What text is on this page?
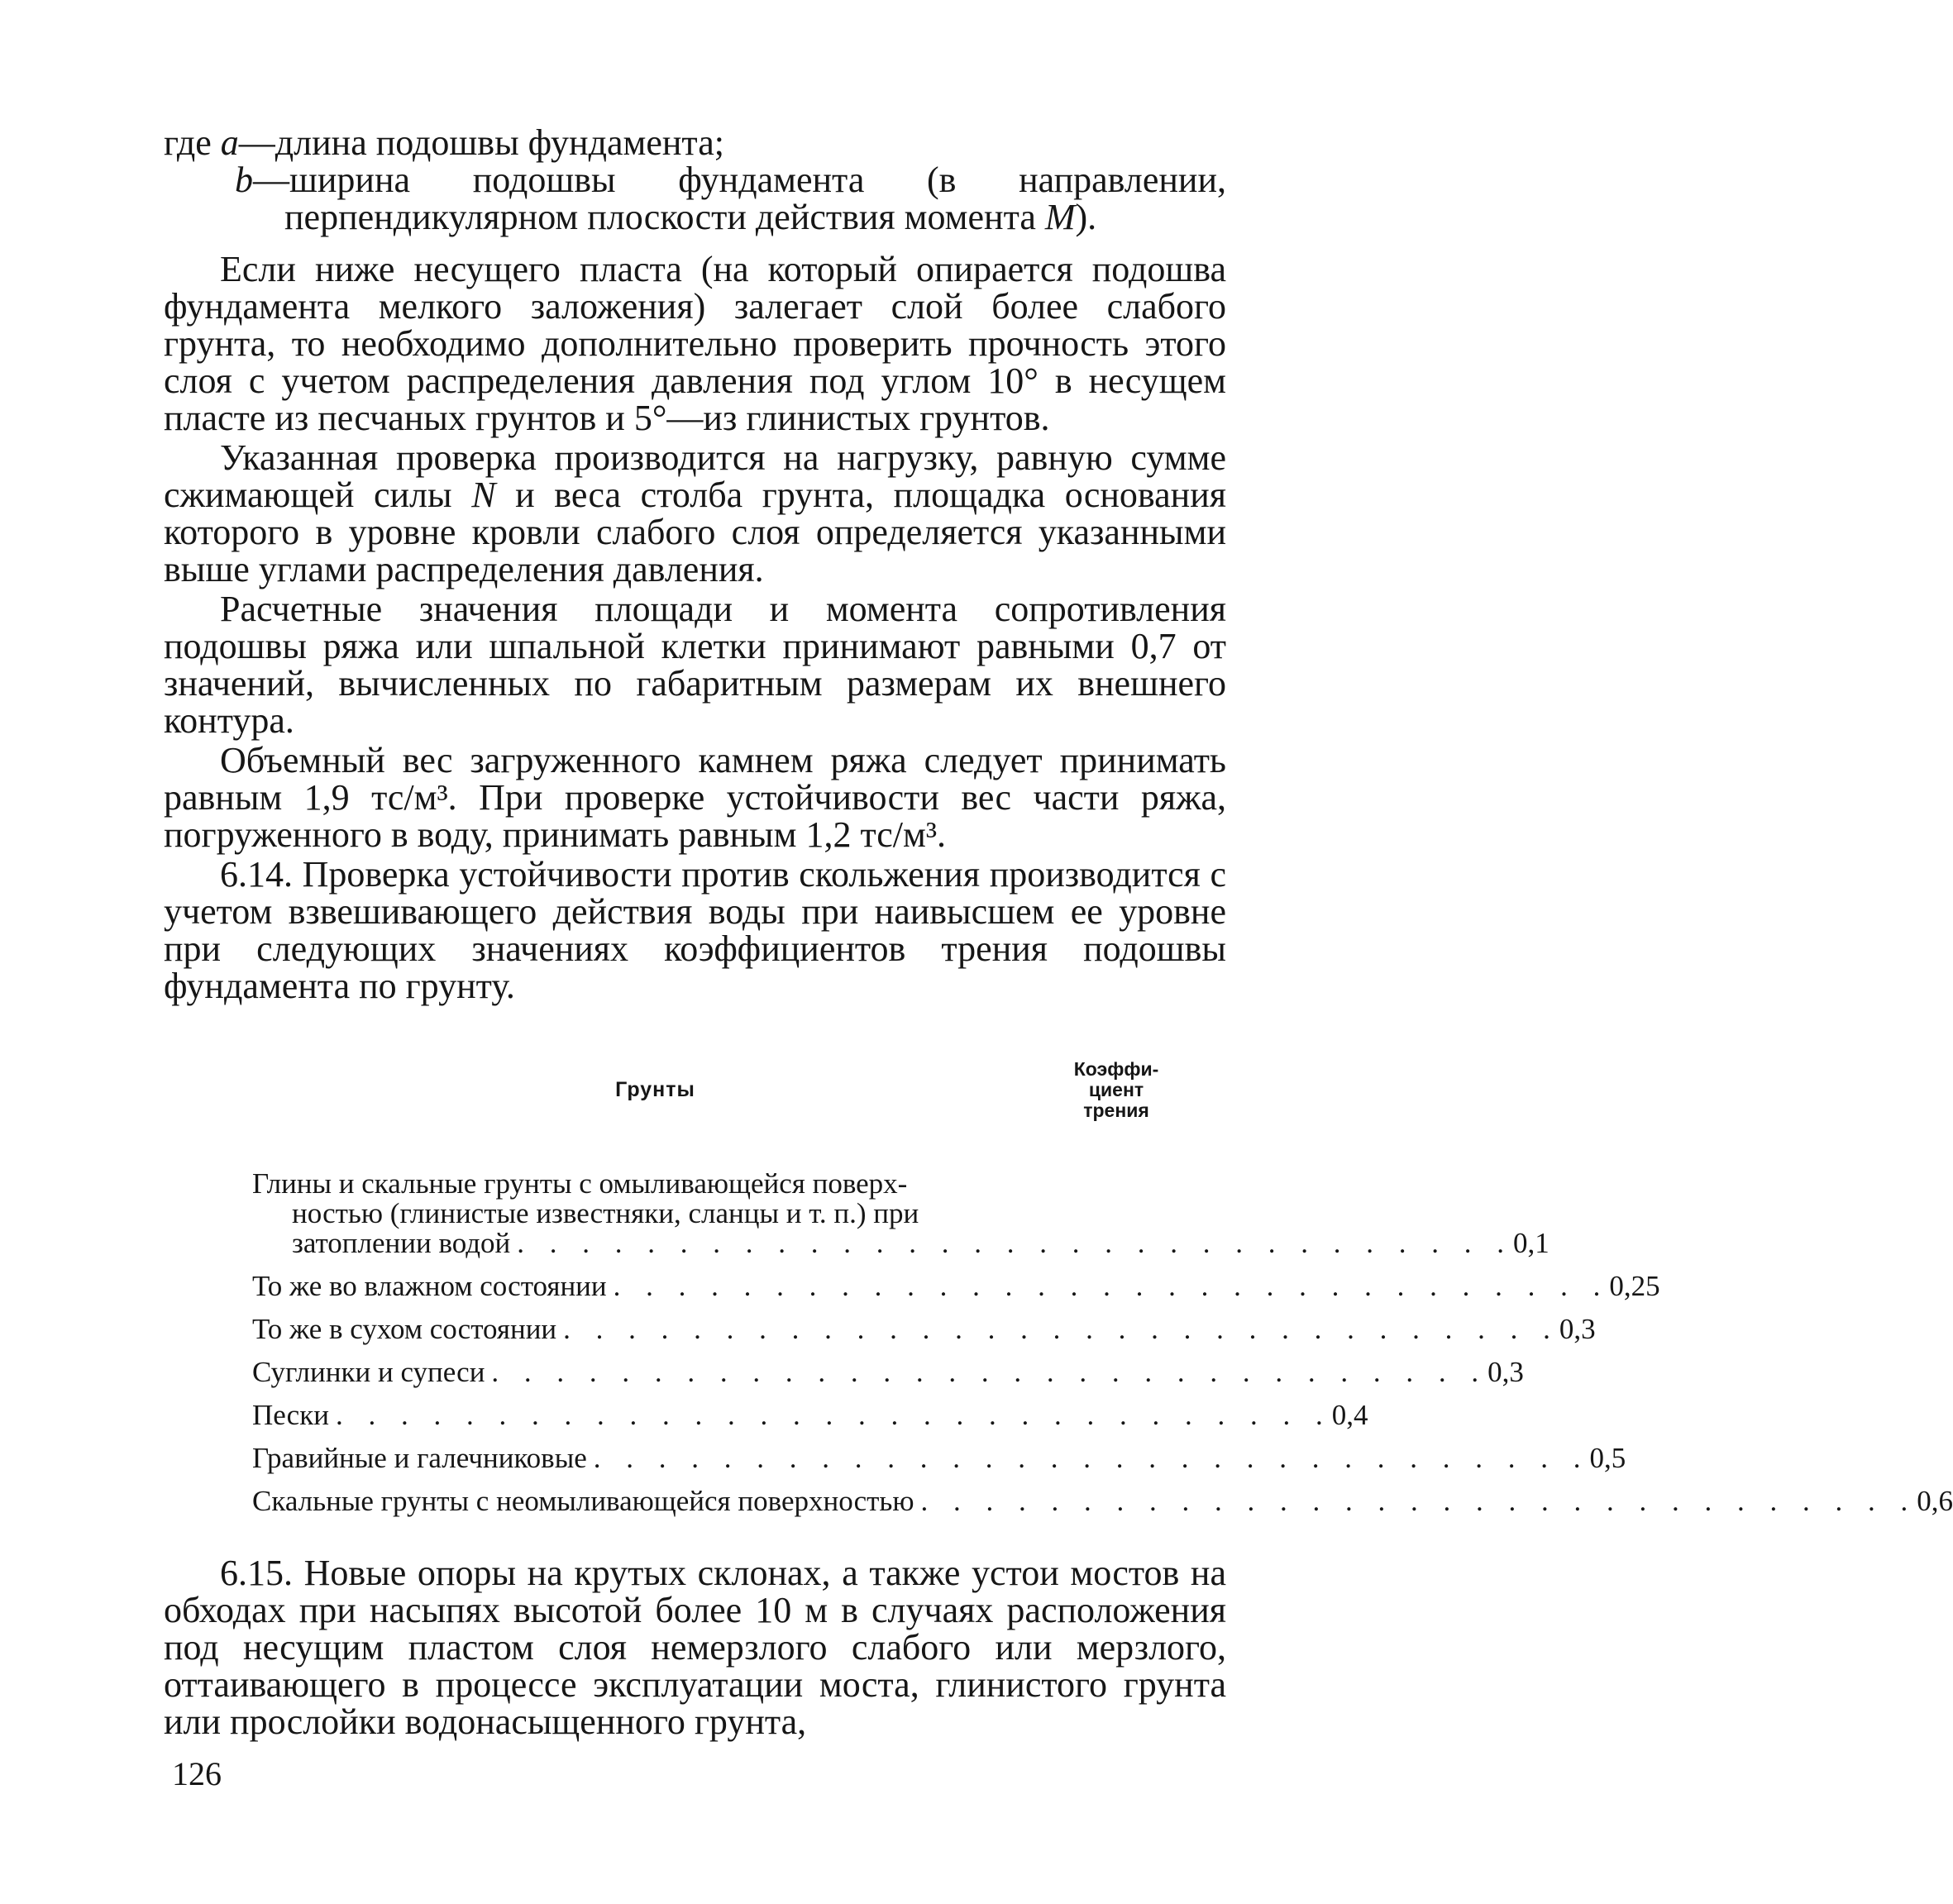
где a—длина подошвы фундамента;

b—ширина подошвы фундамента (в направлении, перпендикулярном плоскости действия момента M).

Если ниже несущего пласта (на который опирается подошва фундамента мелкого заложения) залегает слой более слабого грунта, то необходимо дополнительно проверить прочность этого слоя с учетом распределения давления под углом 10° в несущем пласте из песчаных грунтов и 5°—из глинистых грунтов.

Указанная проверка производится на нагрузку, равную сумме сжимающей силы N и веса столба грунта, площадка основания которого в уровне кровли слабого слоя определяется указанными выше углами распределения давления.

Расчетные значения площади и момента сопротивления подошвы ряжа или шпальной клетки принимают равными 0,7 от значений, вычисленных по габаритным размерам их внешнего контура.

Объемный вес загруженного камнем ряжа следует принимать равным 1,9 тс/м³. При проверке устойчивости вес части ряжа, погруженного в воду, принимать равным 1,2 тс/м³.

6.14. Проверка устойчивости против скольжения производится с учетом взвешивающего действия воды при наивысшем ее уровне при следующих значениях коэффициентов трения подошвы фундамента по грунту.

Грунты
Коэффи-
циент
трения
Глины и скальные грунты с омыливающейся поверх-
ностью (глинистые известняки, сланцы и т. п.) при
затоплении водой . . . . . . . . . . . . . . . . . . . . . . . . . . . . . . . 0,1
То же во влажном состоянии . . . . . . . . . . . . . . . . . . . . . . . . . . . . . . . 0,25
То же в сухом состоянии . . . . . . . . . . . . . . . . . . . . . . . . . . . . . . . 0,3
Суглинки и супеси . . . . . . . . . . . . . . . . . . . . . . . . . . . . . . . 0,3
Пески . . . . . . . . . . . . . . . . . . . . . . . . . . . . . . . 0,4
Гравийные и галечниковые . . . . . . . . . . . . . . . . . . . . . . . . . . . . . . . 0,5
Скальные грунты с неомыливающейся поверхностью . . . . . . . . . . . . . . . . . . . . . . . . . . . . . . . 0,6

6.15. Новые опоры на крутых склонах, а также устои мостов на обходах при насыпях высотой более 10 м в случаях расположения под несущим пластом слоя немерзлого слабого или мерзлого, оттаивающего в процессе эксплуатации моста, глинистого грунта или прослойки водонасыщенного грунта,

126
